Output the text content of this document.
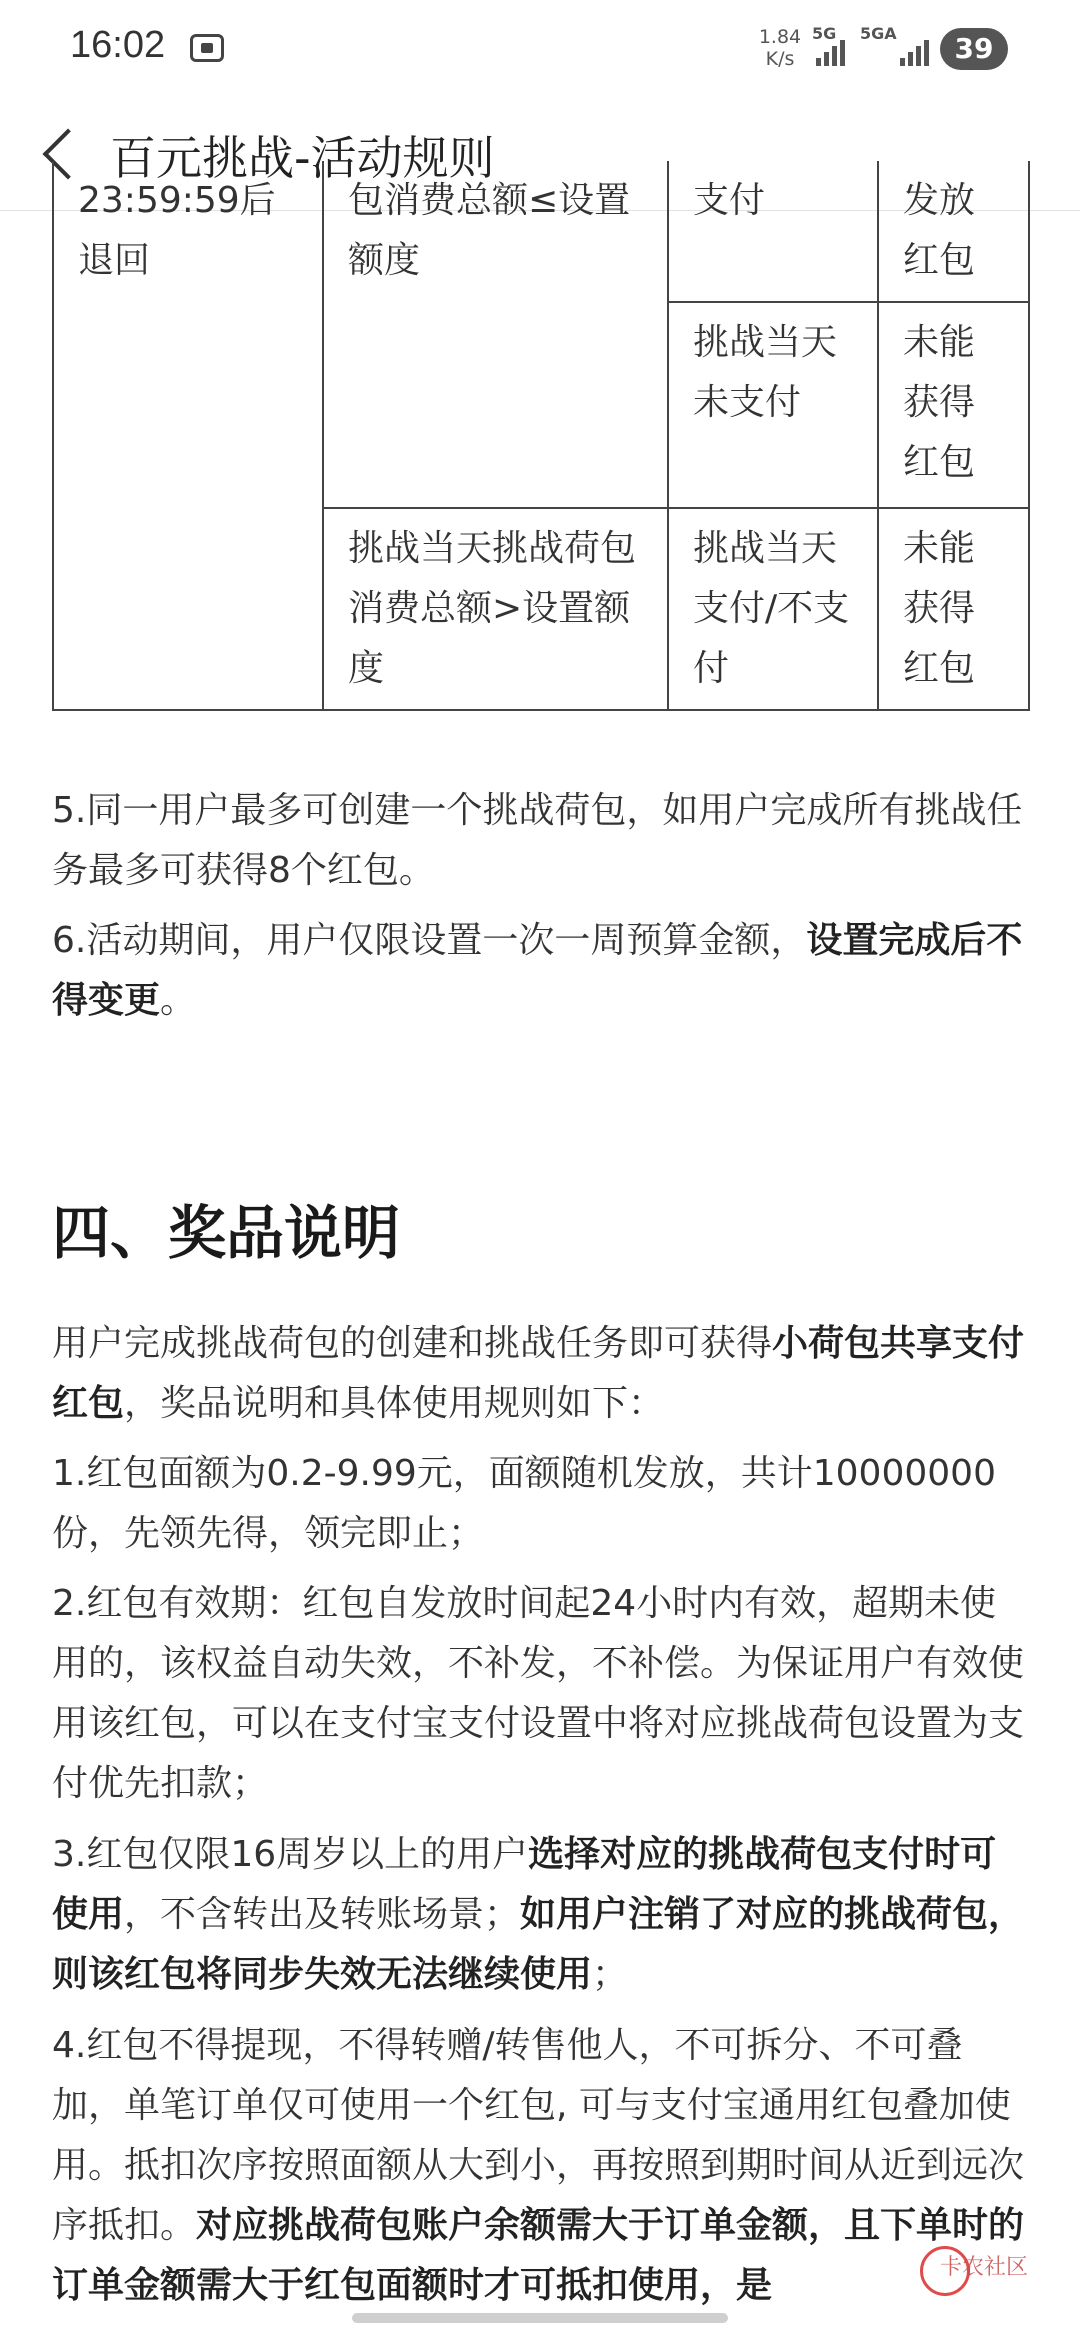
16:02	1.84
K/s
5G 5GA	39
百元挑战-活动规则
23:59:59后退回	包消费总额≤设置额度	支付	发放红包
		挑战当天未支付	未能获得红包
	挑战当天挑战荷包消费总额>设置额度	挑战当天支付/不支付	未能获得红包

5.同一用户最多可创建一个挑战荷包，如用户完成所有挑战任务最多可获得8个红包。

6.活动期间，用户仅限设置一次一周预算金额，设置完成后不得变更。

四、奖品说明

用户完成挑战荷包的创建和挑战任务即可获得小荷包共享支付红包，奖品说明和具体使用规则如下：

1.红包面额为0.2-9.99元，面额随机发放，共计10000000份，先领先得，领完即止；

2.红包有效期：红包自发放时间起24小时内有效，超期未使用的，该权益自动失效，不补发，不补偿。为保证用户有效使用该红包，可以在支付宝支付设置中将对应挑战荷包设置为支付优先扣款；

3.红包仅限16周岁以上的用户选择对应的挑战荷包支付时可使用，不含转出及转账场景；如用户注销了对应的挑战荷包，则该红包将同步失效无法继续使用；

4.红包不得提现，不得转赠/转售他人，不可拆分、不可叠加，单笔订单仅可使用一个红包, 可与支付宝通用红包叠加使用。抵扣次序按照面额从大到小，再按照到期时间从近到远次序抵扣。对应挑战荷包账户余额需大于订单金额，且下单时的订单金额需大于红包面额时才可抵扣使用，是	卡农社区
